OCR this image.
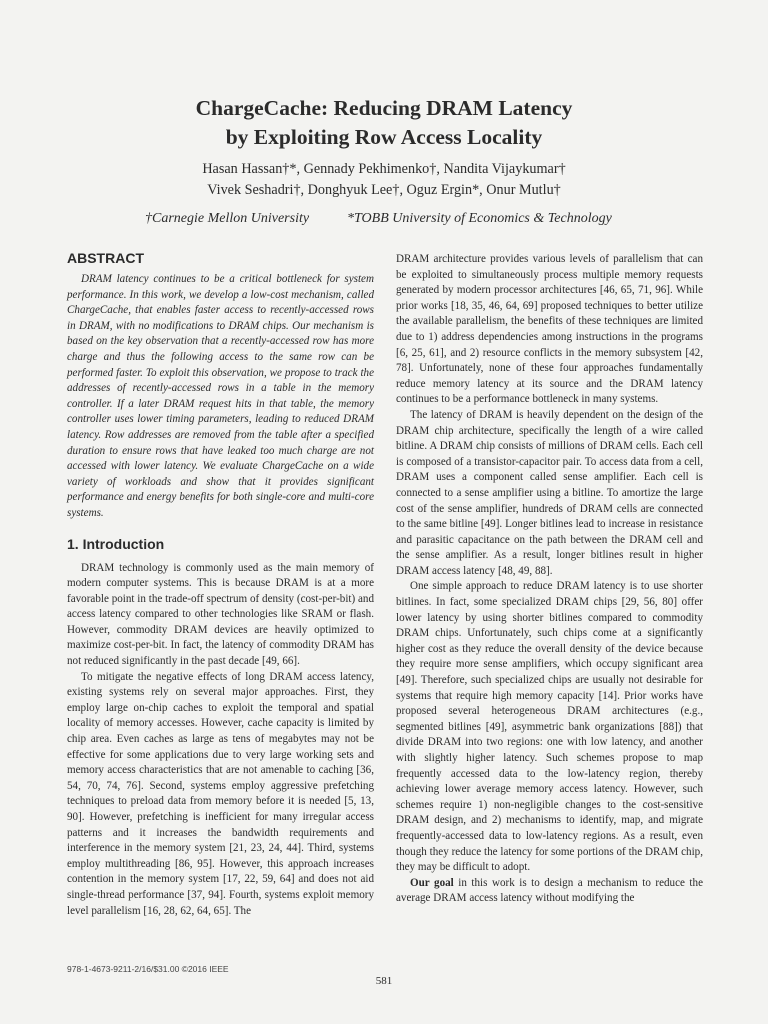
ChargeCache: Reducing DRAM Latency
by Exploiting Row Access Locality
Hasan Hassan†*, Gennady Pekhimenko†, Nandita Vijaykumar†
Vivek Seshadri†, Donghyuk Lee†, Oguz Ergin*, Onur Mutlu†
†Carnegie Mellon University	*TOBB University of Economics & Technology
ABSTRACT

DRAM latency continues to be a critical bottleneck for system performance. In this work, we develop a low-cost mechanism, called ChargeCache, that enables faster access to recently-accessed rows in DRAM, with no modifications to DRAM chips. Our mechanism is based on the key observation that a recently-accessed row has more charge and thus the following access to the same row can be performed faster. To exploit this observation, we propose to track the addresses of recently-accessed rows in a table in the memory controller. If a later DRAM request hits in that table, the memory controller uses lower timing parameters, leading to reduced DRAM latency. Row addresses are removed from the table after a specified duration to ensure rows that have leaked too much charge are not accessed with lower latency. We evaluate ChargeCache on a wide variety of workloads and show that it provides significant performance and energy benefits for both single-core and multi-core systems.

1. Introduction

DRAM technology is commonly used as the main memory of modern computer systems. This is because DRAM is at a more favorable point in the trade-off spectrum of density (cost-per-bit) and access latency compared to other technologies like SRAM or flash. However, commodity DRAM devices are heavily optimized to maximize cost-per-bit. In fact, the latency of commodity DRAM has not reduced significantly in the past decade [49, 66].

To mitigate the negative effects of long DRAM access latency, existing systems rely on several major approaches. First, they employ large on-chip caches to exploit the temporal and spatial locality of memory accesses. However, cache capacity is limited by chip area. Even caches as large as tens of megabytes may not be effective for some applications due to very large working sets and memory access characteristics that are not amenable to caching [36, 54, 70, 74, 76]. Second, systems employ aggressive prefetching techniques to preload data from memory before it is needed [5, 13, 90]. However, prefetching is inefficient for many irregular access patterns and it increases the bandwidth requirements and interference in the memory system [21, 23, 24, 44]. Third, systems employ multithreading [86, 95]. However, this approach increases contention in the memory system [17, 22, 59, 64] and does not aid single-thread performance [37, 94]. Fourth, systems exploit memory level parallelism [16, 28, 62, 64, 65]. The

DRAM architecture provides various levels of parallelism that can be exploited to simultaneously process multiple memory requests generated by modern processor architectures [46, 65, 71, 96]. While prior works [18, 35, 46, 64, 69] proposed techniques to better utilize the available parallelism, the benefits of these techniques are limited due to 1) address dependencies among instructions in the programs [6, 25, 61], and 2) resource conflicts in the memory subsystem [42, 78]. Unfortunately, none of these four approaches fundamentally reduce memory latency at its source and the DRAM latency continues to be a performance bottleneck in many systems.

The latency of DRAM is heavily dependent on the design of the DRAM chip architecture, specifically the length of a wire called bitline. A DRAM chip consists of millions of DRAM cells. Each cell is composed of a transistor-capacitor pair. To access data from a cell, DRAM uses a component called sense amplifier. Each cell is connected to a sense amplifier using a bitline. To amortize the large cost of the sense amplifier, hundreds of DRAM cells are connected to the same bitline [49]. Longer bitlines lead to increase in resistance and parasitic capacitance on the path between the DRAM cell and the sense amplifier. As a result, longer bitlines result in higher DRAM access latency [48, 49, 88].

One simple approach to reduce DRAM latency is to use shorter bitlines. In fact, some specialized DRAM chips [29, 56, 80] offer lower latency by using shorter bitlines compared to commodity DRAM chips. Unfortunately, such chips come at a significantly higher cost as they reduce the overall density of the device because they require more sense amplifiers, which occupy significant area [49]. Therefore, such specialized chips are usually not desirable for systems that require high memory capacity [14]. Prior works have proposed several heterogeneous DRAM architectures (e.g., segmented bitlines [49], asymmetric bank organizations [88]) that divide DRAM into two regions: one with low latency, and another with slightly higher latency. Such schemes propose to map frequently accessed data to the low-latency region, thereby achieving lower average memory access latency. However, such schemes require 1) non-negligible changes to the cost-sensitive DRAM design, and 2) mechanisms to identify, map, and migrate frequently-accessed data to low-latency regions. As a result, even though they reduce the latency for some portions of the DRAM chip, they may be difficult to adopt.

Our goal in this work is to design a mechanism to reduce the average DRAM access latency without modifying the

978-1-4673-9211-2/16/$31.00 ©2016 IEEE
581
